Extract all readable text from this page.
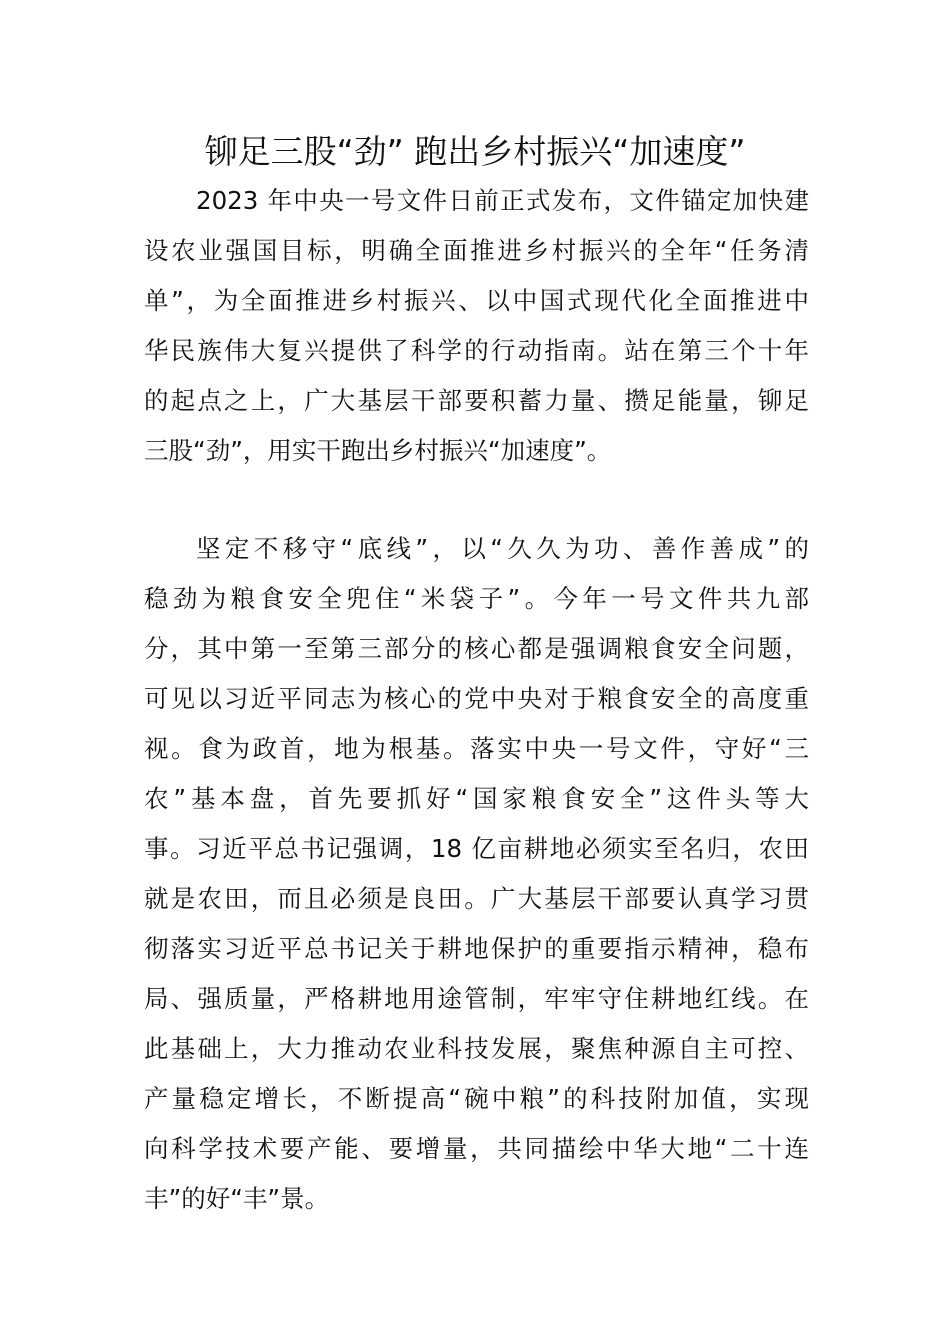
铆足三股“劲” 跑出乡村振兴“加速度”
2023 年中央一号文件日前正式发布，文件锚定加快建
设农业强国目标，明确全面推进乡村振兴的全年“任务清
单”，为全面推进乡村振兴、以中国式现代化全面推进中
华民族伟大复兴提供了科学的行动指南。站在第三个十年
的起点之上，广大基层干部要积蓄力量、攒足能量，铆足
三股“劲”，用实干跑出乡村振兴“加速度”。
坚定不移守“底线”，以“久久为功、善作善成”的
稳劲为粮食安全兜住“米袋子”。今年一号文件共九部
分，其中第一至第三部分的核心都是强调粮食安全问题，
可见以习近平同志为核心的党中央对于粮食安全的高度重
视。食为政首，地为根基。落实中央一号文件，守好“三
农”基本盘，首先要抓好“国家粮食安全”这件头等大
事。习近平总书记强调，18 亿亩耕地必须实至名归，农田
就是农田，而且必须是良田。广大基层干部要认真学习贯
彻落实习近平总书记关于耕地保护的重要指示精神，稳布
局、强质量，严格耕地用途管制，牢牢守住耕地红线。在
此基础上，大力推动农业科技发展，聚焦种源自主可控、
产量稳定增长，不断提高“碗中粮”的科技附加值，实现
向科学技术要产能、要增量，共同描绘中华大地“二十连
丰”的好“丰”景。
